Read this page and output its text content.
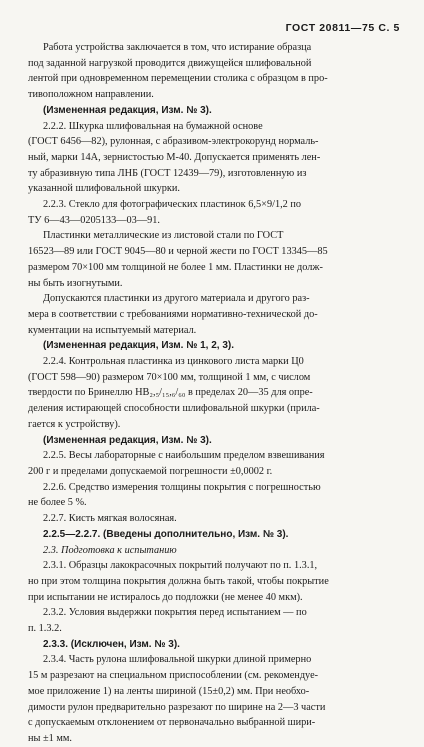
ГОСТ 20811—75 С. 5

Работа устройства заключается в том, что истирание образца
под заданной нагрузкой проводится движущейся шлифовальной
лентой при одновременном перемещении столика с образцом в про-
тивоположном направлении.

(Измененная редакция, Изм. № 3).

2.2.2. Шкурка шлифовальная на бумажной основе
(ГОСТ 6456—82), рулонная, с абразивом-электрокорунд нормаль-
ный, марки 14А, зернистостью М-40. Допускается применять лен-
ту абразивную типа ЛНБ (ГОСТ 12439—79), изготовленную из
указанной шлифовальной шкурки.

2.2.3. Стекло для фотографических пластинок 6,5×9/1,2 по
ТУ 6—43—0205133—03—91.

Пластинки металлические из листовой стали по ГОСТ
16523—89 или ГОСТ 9045—80 и черной жести по ГОСТ 13345—85
размером 70×100 мм толщиной не более 1 мм. Пластинки не долж-
ны быть изогнутыми.

Допускаются пластинки из другого материала и другого раз-
мера в соответствии с требованиями нормативно-технической до-
кументации на испытуемый материал.

(Измененная редакция, Изм. № 1, 2, 3).

2.2.4. Контрольная пластинка из цинкового листа марки Ц0
(ГОСТ 598—90) размером 70×100 мм, толщиной 1 мм, с числом
твердости по Бринеллю HB₂,₅/₁₅,₆/₆₀ в пределах 20—35 для опре-
деления истирающей способности шлифовальной шкурки (прила-
гается к устройству).

(Измененная редакция, Изм. № 3).

2.2.5. Весы лабораторные с наибольшим пределом взвешивания
200 г и пределами допускаемой погрешности ±0,0002 г.

2.2.6. Средство измерения толщины покрытия с погрешностью
не более 5 %.

2.2.7. Кисть мягкая волосяная.

2.2.5—2.2.7. (Введены дополнительно, Изм. № 3).

2.3. Подготовка к испытанию

2.3.1. Образцы лакокрасочных покрытий получают по п. 1.3.1,
но при этом толщина покрытия должна быть такой, чтобы покрытие
при испытании не истиралось до подложки (не менее 40 мкм).

2.3.2. Условия выдержки покрытия перед испытанием — по
п. 1.3.2.

2.3.3. (Исключен, Изм. № 3).

2.3.4. Часть рулона шлифовальной шкурки длиной примерно
15 м разрезают на специальном приспособлении (см. рекомендуе-
мое приложение 1) на ленты шириной (15±0,2) мм. При необхо-
димости рулон предварительно разрезают по ширине на 2—3 части
с допускаемым отклонением от первоначально выбранной шири-
ны ±1 мм.
